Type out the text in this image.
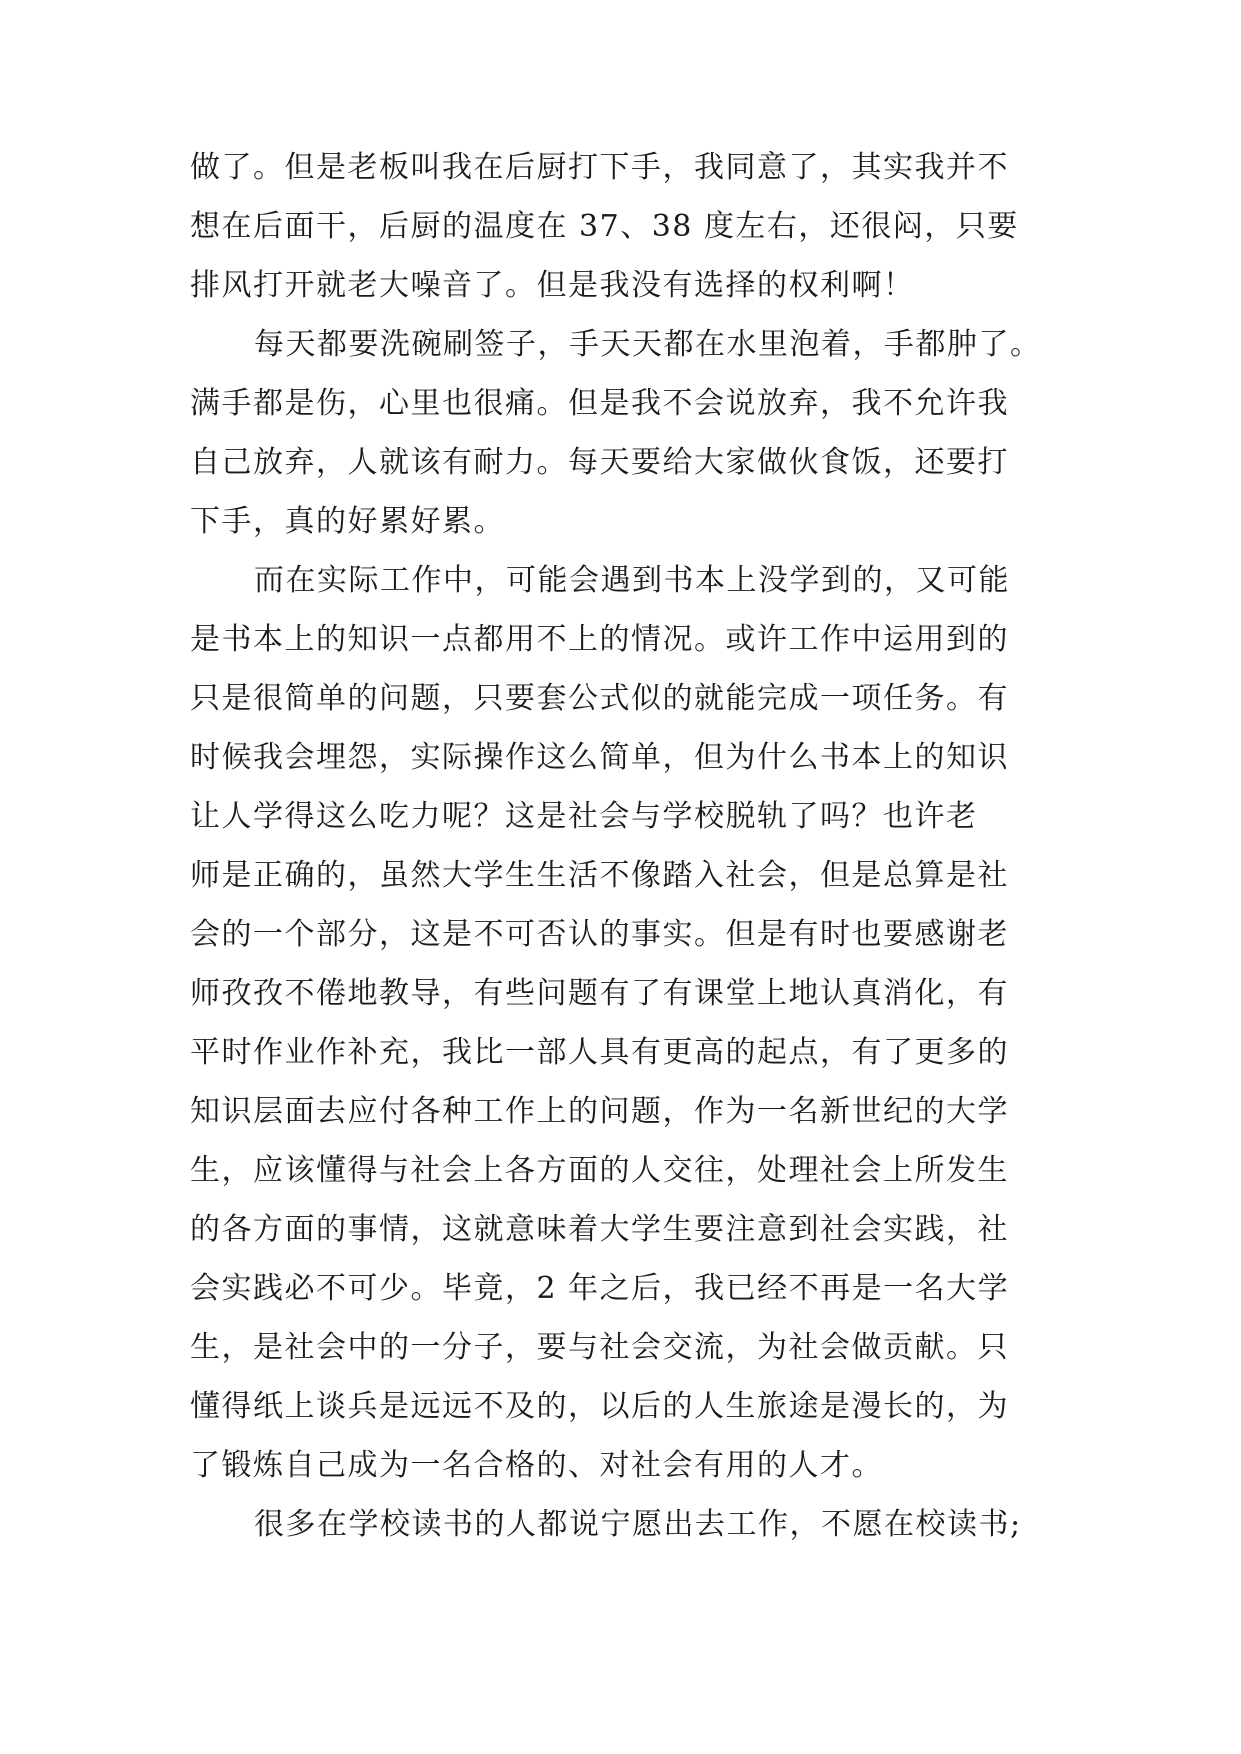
做了。但是老板叫我在后厨打下手，我同意了，其实我并不
想在后面干，后厨的温度在 37、38 度左右，还很闷，只要
排风打开就老大噪音了。但是我没有选择的权利啊！

每天都要洗碗刷签子，手天天都在水里泡着，手都肿了。
满手都是伤，心里也很痛。但是我不会说放弃，我不允许我
自己放弃，人就该有耐力。每天要给大家做伙食饭，还要打
下手，真的好累好累。

而在实际工作中，可能会遇到书本上没学到的，又可能
是书本上的知识一点都用不上的情况。或许工作中运用到的
只是很简单的问题，只要套公式似的就能完成一项任务。有
时候我会埋怨，实际操作这么简单，但为什么书本上的知识
让人学得这么吃力呢？这是社会与学校脱轨了吗？也许老
师是正确的，虽然大学生生活不像踏入社会，但是总算是社
会的一个部分，这是不可否认的事实。但是有时也要感谢老
师孜孜不倦地教导，有些问题有了有课堂上地认真消化，有
平时作业作补充，我比一部人具有更高的起点，有了更多的
知识层面去应付各种工作上的问题，作为一名新世纪的大学
生，应该懂得与社会上各方面的人交往，处理社会上所发生
的各方面的事情，这就意味着大学生要注意到社会实践，社
会实践必不可少。毕竟，2 年之后，我已经不再是一名大学
生，是社会中的一分子，要与社会交流，为社会做贡献。只
懂得纸上谈兵是远远不及的，以后的人生旅途是漫长的，为
了锻炼自己成为一名合格的、对社会有用的人才。

很多在学校读书的人都说宁愿出去工作，不愿在校读书;
